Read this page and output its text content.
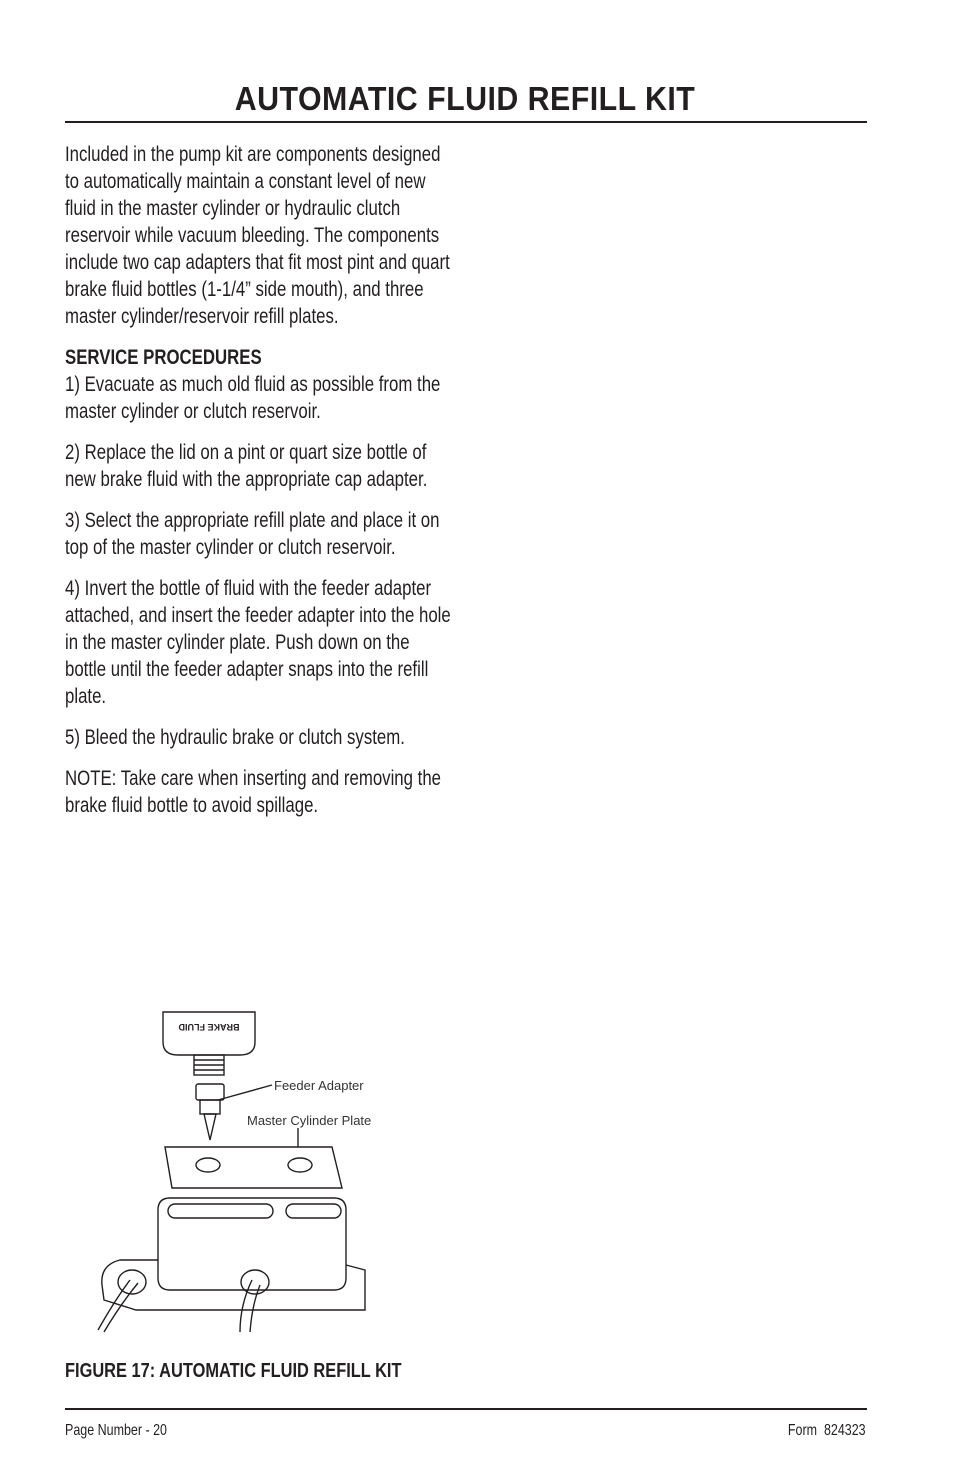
AUTOMATIC FLUID REFILL KIT

Included in the pump kit are components designed to automatically maintain a constant level of new fluid in the master cylinder or hydraulic clutch reservoir while vacuum bleeding. The components include two cap adapters that fit most pint and quart brake fluid bottles (1-1/4” side mouth), and three master cylinder/reservoir refill plates.

SERVICE PROCEDURES

1) Evacuate as much old fluid as possible from the master cylinder or clutch reservoir.

2) Replace the lid on a pint or quart size bottle of new brake fluid with the appropriate cap adapter.

3) Select the appropriate refill plate and place it on top of the master cylinder or clutch reservoir.

4) Invert the bottle of fluid with the feeder adapter attached, and insert the feeder adapter into the hole in the master cylinder plate. Push down on the bottle until the feeder adapter snaps into the refill plate.

5) Bleed the hydraulic brake or clutch system.

NOTE: Take care when inserting and removing the brake fluid bottle to avoid spillage.

BRAKE FLUID
Feeder Adapter
Master Cylinder Plate
FIGURE 17: AUTOMATIC FLUID REFILL KIT
Page Number - 20	Form  824323
